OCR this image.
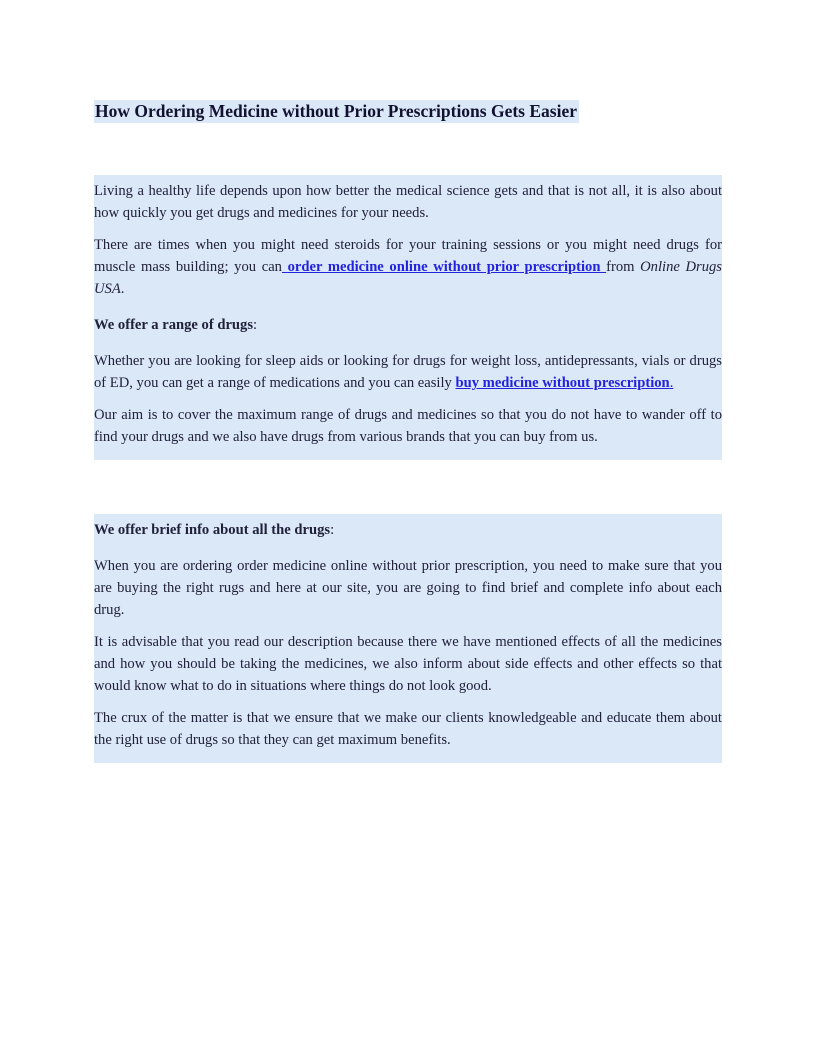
How Ordering Medicine without Prior Prescriptions Gets Easier

Living a healthy life depends upon how better the medical science gets and that is not all, it is also about how quickly you get drugs and medicines for your needs.

There are times when you might need steroids for your training sessions or you might need drugs for muscle mass building; you can order medicine online without prior prescription from Online Drugs USA.

We offer a range of drugs:

Whether you are looking for sleep aids or looking for drugs for weight loss, antidepressants, vials or drugs of ED, you can get a range of medications and you can easily buy medicine without prescription.

Our aim is to cover the maximum range of drugs and medicines so that you do not have to wander off to find your drugs and we also have drugs from various brands that you can buy from us.

We offer brief info about all the drugs:

When you are ordering order medicine online without prior prescription, you need to make sure that you are buying the right rugs and here at our site, you are going to find brief and complete info about each drug.

It is advisable that you read our description because there we have mentioned effects of all the medicines and how you should be taking the medicines, we also inform about side effects and other effects so that would know what to do in situations where things do not look good.

The crux of the matter is that we ensure that we make our clients knowledgeable and educate them about the right use of drugs so that they can get maximum benefits.
